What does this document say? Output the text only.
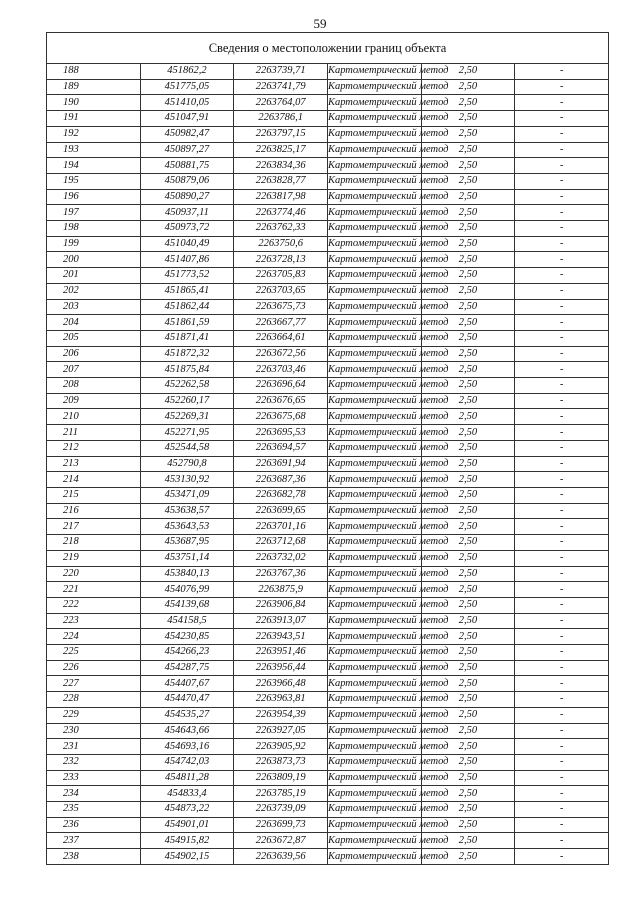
59
Сведения о местоположении границ объекта					
188	451862,2	2263739,71	Картометрический метод	2,50	-
189	451775,05	2263741,79	Картометрический метод	2,50	-
190	451410,05	2263764,07	Картометрический метод	2,50	-
191	451047,91	2263786,1	Картометрический метод	2,50	-
192	450982,47	2263797,15	Картометрический метод	2,50	-
193	450897,27	2263825,17	Картометрический метод	2,50	-
194	450881,75	2263834,36	Картометрический метод	2,50	-
195	450879,06	2263828,77	Картометрический метод	2,50	-
196	450890,27	2263817,98	Картометрический метод	2,50	-
197	450937,11	2263774,46	Картометрический метод	2,50	-
198	450973,72	2263762,33	Картометрический метод	2,50	-
199	451040,49	2263750,6	Картометрический метод	2,50	-
200	451407,86	2263728,13	Картометрический метод	2,50	-
201	451773,52	2263705,83	Картометрический метод	2,50	-
202	451865,41	2263703,65	Картометрический метод	2,50	-
203	451862,44	2263675,73	Картометрический метод	2,50	-
204	451861,59	2263667,77	Картометрический метод	2,50	-
205	451871,41	2263664,61	Картометрический метод	2,50	-
206	451872,32	2263672,56	Картометрический метод	2,50	-
207	451875,84	2263703,46	Картометрический метод	2,50	-
208	452262,58	2263696,64	Картометрический метод	2,50	-
209	452260,17	2263676,65	Картометрический метод	2,50	-
210	452269,31	2263675,68	Картометрический метод	2,50	-
211	452271,95	2263695,53	Картометрический метод	2,50	-
212	452544,58	2263694,57	Картометрический метод	2,50	-
213	452790,8	2263691,94	Картометрический метод	2,50	-
214	453130,92	2263687,36	Картометрический метод	2,50	-
215	453471,09	2263682,78	Картометрический метод	2,50	-
216	453638,57	2263699,65	Картометрический метод	2,50	-
217	453643,53	2263701,16	Картометрический метод	2,50	-
218	453687,95	2263712,68	Картометрический метод	2,50	-
219	453751,14	2263732,02	Картометрический метод	2,50	-
220	453840,13	2263767,36	Картометрический метод	2,50	-
221	454076,99	2263875,9	Картометрический метод	2,50	-
222	454139,68	2263906,84	Картометрический метод	2,50	-
223	454158,5	2263913,07	Картометрический метод	2,50	-
224	454230,85	2263943,51	Картометрический метод	2,50	-
225	454266,23	2263951,46	Картометрический метод	2,50	-
226	454287,75	2263956,44	Картометрический метод	2,50	-
227	454407,67	2263966,48	Картометрический метод	2,50	-
228	454470,47	2263963,81	Картометрический метод	2,50	-
229	454535,27	2263954,39	Картометрический метод	2,50	-
230	454643,66	2263927,05	Картометрический метод	2,50	-
231	454693,16	2263905,92	Картометрический метод	2,50	-
232	454742,03	2263873,73	Картометрический метод	2,50	-
233	454811,28	2263809,19	Картометрический метод	2,50	-
234	454833,4	2263785,19	Картометрический метод	2,50	-
235	454873,22	2263739,09	Картометрический метод	2,50	-
236	454901,01	2263699,73	Картометрический метод	2,50	-
237	454915,82	2263672,87	Картометрический метод	2,50	-
238	454902,15	2263639,56	Картометрический метод	2,50	-
